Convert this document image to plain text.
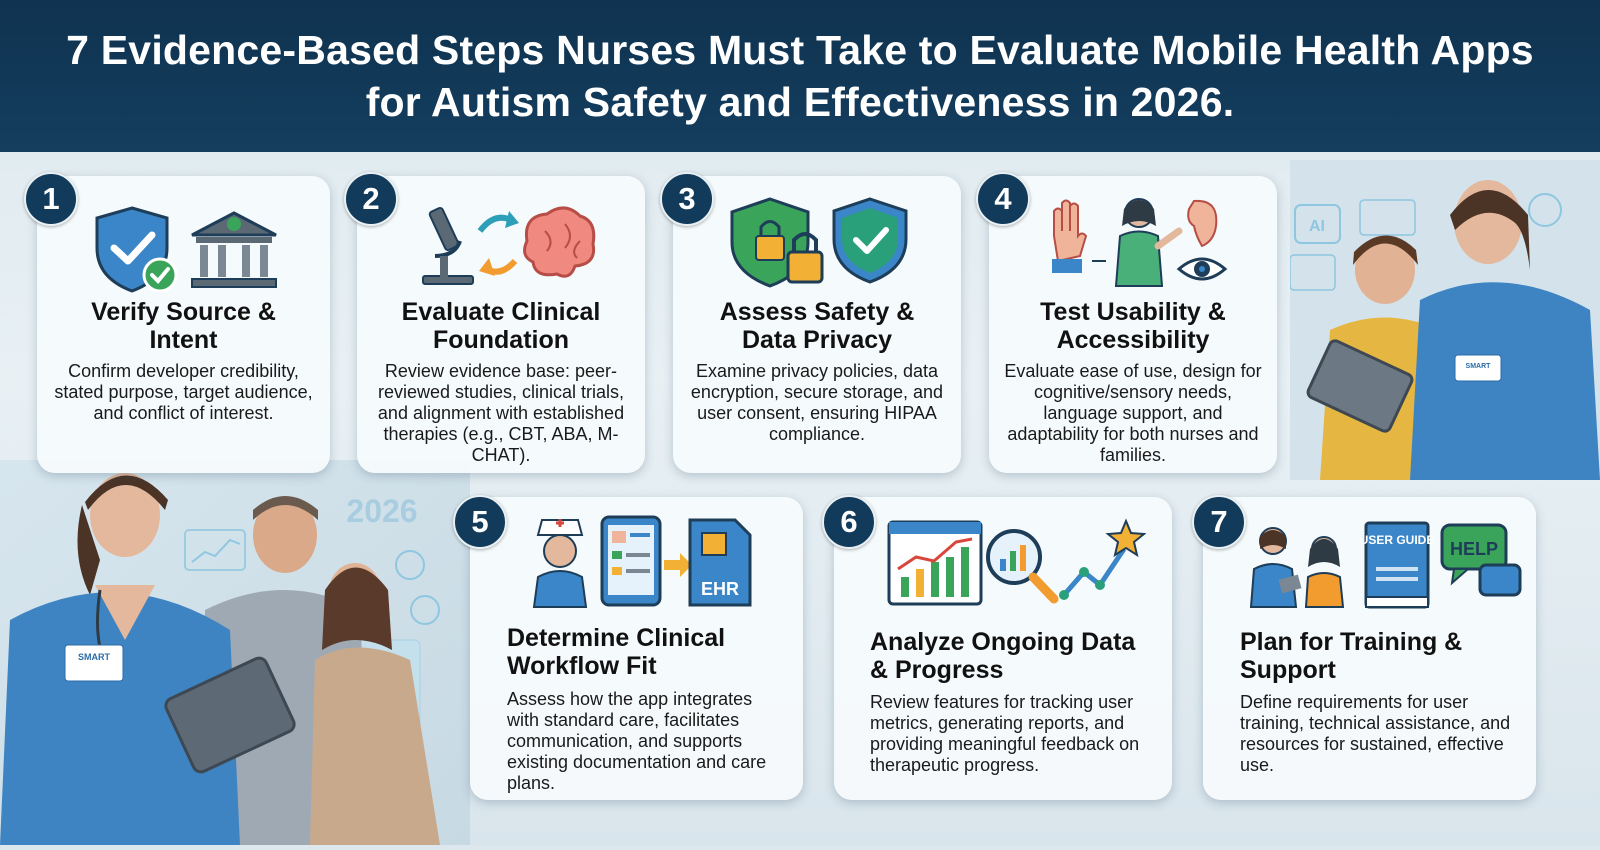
7 Evidence-Based Steps Nurses Must Take to Evaluate Mobile Health Apps for Autism Safety and Effectiveness in 2026.
SMART
2026
AI
SMART
Verify Source & Intent
Confirm developer credibility, stated purpose, target audience, and conflict of interest.
1
Evaluate Clinical Foundation
Review evidence base: peer-reviewed studies, clinical trials, and alignment with established therapies (e.g., CBT, ABA, M-CHAT).
2
Assess Safety & Data Privacy
Examine privacy policies, data encryption, secure storage, and user consent, ensuring HIPAA compliance.
3
Test Usability & Accessibility
Evaluate ease of use, design for cognitive/sensory needs, language support, and adaptability for both nurses and families.
4
EHR
Determine Clinical Workflow Fit
Assess how the app integrates with standard care, facilitates communication, and supports existing documentation and care plans.
5
Analyze Ongoing Data & Progress
Review features for tracking user metrics, generating reports, and providing meaningful feedback on therapeutic progress.
6
USER GUIDE HELP
Plan for Training & Support
Define requirements for user training, technical assistance, and resources for sustained, effective use.
7
